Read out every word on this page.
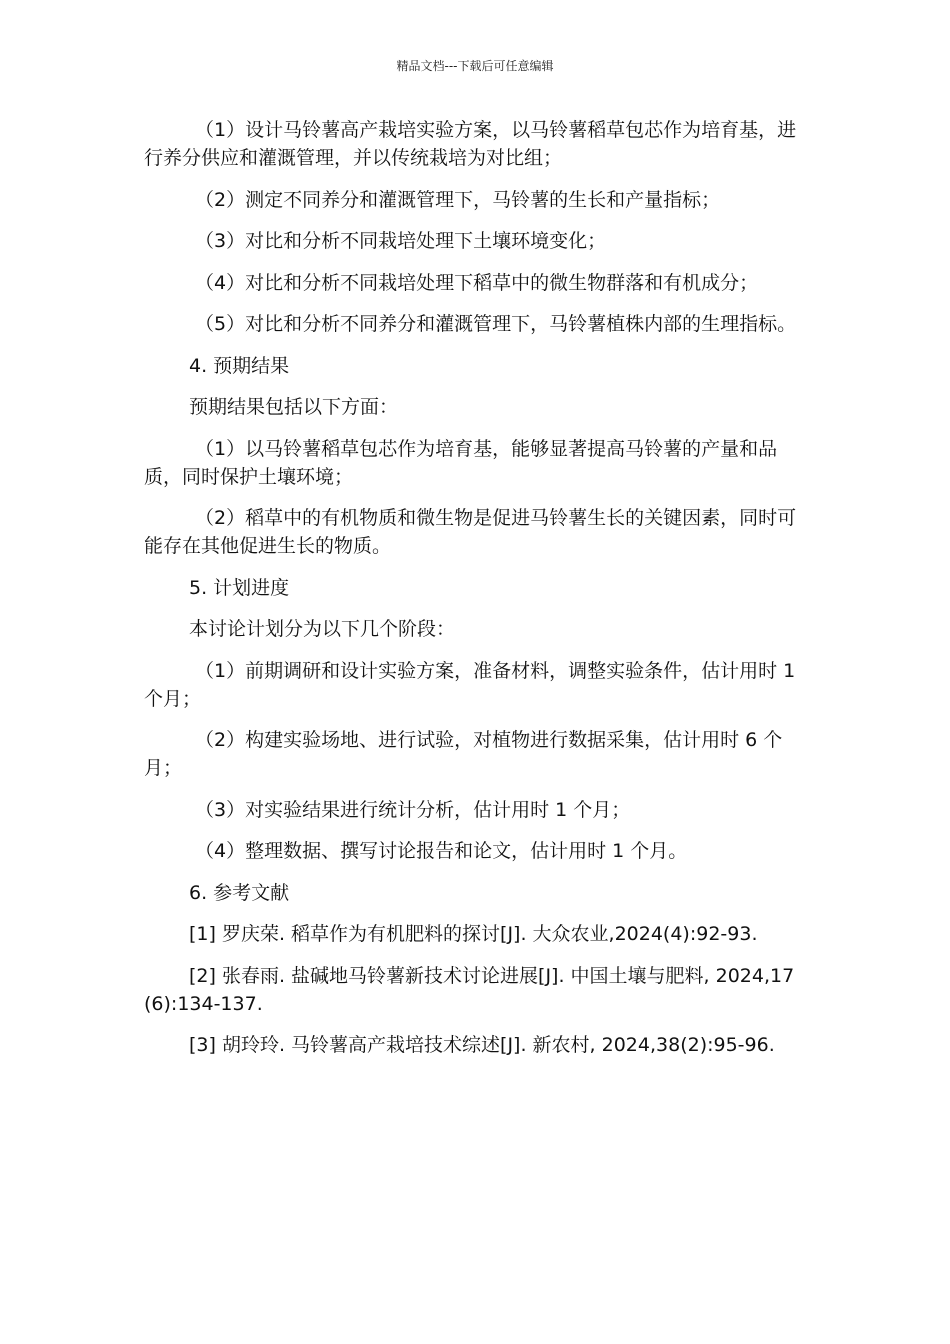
精品文档---下载后可任意编辑

（1）设计马铃薯高产栽培实验方案，以马铃薯稻草包芯作为培育基，进行养分供应和灌溉管理，并以传统栽培为对比组；

（2）测定不同养分和灌溉管理下，马铃薯的生长和产量指标；

（3）对比和分析不同栽培处理下土壤环境变化；

（4）对比和分析不同栽培处理下稻草中的微生物群落和有机成分；

（5）对比和分析不同养分和灌溉管理下，马铃薯植株内部的生理指标。

4. 预期结果

预期结果包括以下方面：

（1）以马铃薯稻草包芯作为培育基，能够显著提高马铃薯的产量和品质，同时保护土壤环境；

（2）稻草中的有机物质和微生物是促进马铃薯生长的关键因素，同时可能存在其他促进生长的物质。

5. 计划进度

本讨论计划分为以下几个阶段：

（1）前期调研和设计实验方案，准备材料，调整实验条件，估计用时 1 个月；

（2）构建实验场地、进行试验，对植物进行数据采集，估计用时 6 个月；

（3）对实验结果进行统计分析，估计用时 1 个月；

（4）整理数据、撰写讨论报告和论文，估计用时 1 个月。

6. 参考文献

[1] 罗庆荣. 稻草作为有机肥料的探讨[J]. 大众农业,2024(4):92-93.

[2] 张春雨. 盐碱地马铃薯新技术讨论进展[J]. 中国土壤与肥料, 2024,17(6):134-137.

[3] 胡玲玲. 马铃薯高产栽培技术综述[J]. 新农村, 2024,38(2):95-96.
